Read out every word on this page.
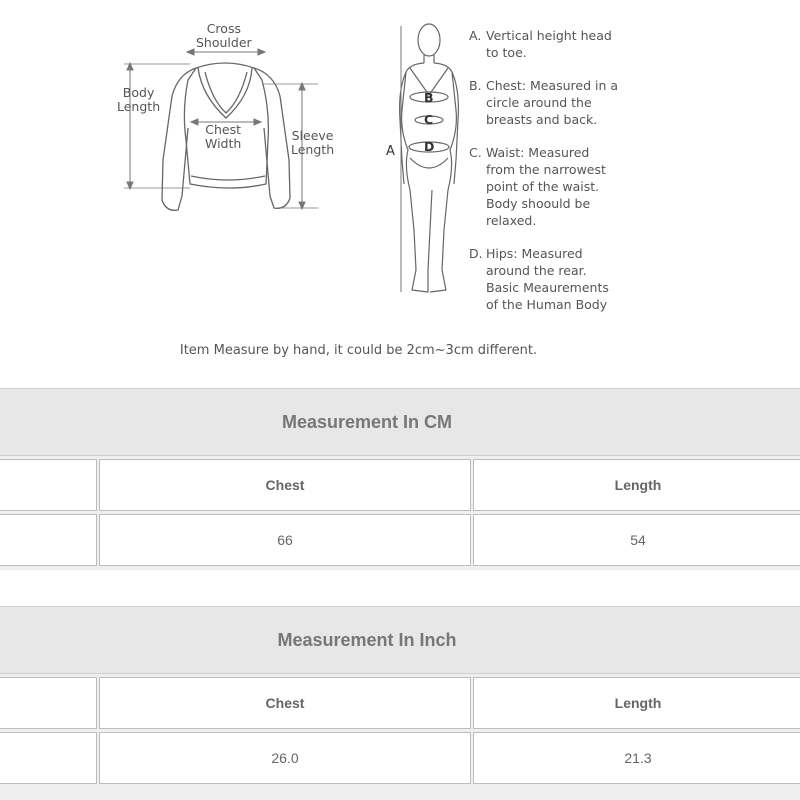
Cross
Shoulder
Body
Length
Chest
Width
Sleeve
Length	A
B
C
D
A. Vertical height head
to toe.
B. Chest: Measured in a
circle around the
breasts and back.
C. Waist: Measured
from the narrowest
point of the waist.
Body shoould be
relaxed.
D. Hips: Measured
around the rear.
Basic Meaurements
of the Human Body
Item Measure by hand, it could be 2cm~3cm different.
Measurement In CM
Chest	Length
66	54
Measurement In Inch
Chest	Length
26.0	21.3
